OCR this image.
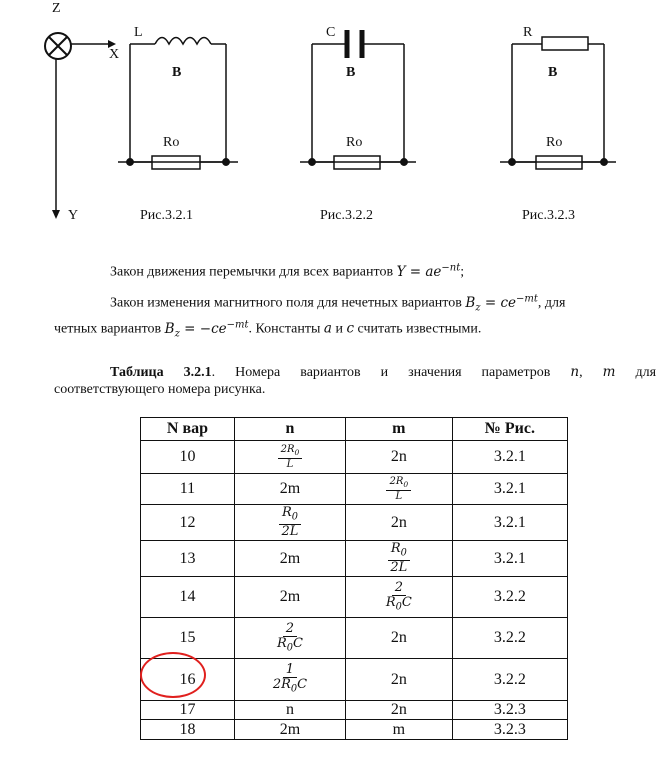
Z
X
Y
L
B
Ro
Рис.3.2.1
C
B
Ro
Рис.3.2.2
R
B
Ro
Рис.3.2.3
Закон движения перемычки для всех вариантов $Y = ae^{-nt}$;
Закон изменения магнитного поля для нечетных вариантов $B_z = ce^{-mt}$, для
четных вариантов $B_z = -ce^{-mt}$. Константы a и c считать известными.
Таблица 3.2.1. Номера вариантов и значения параметров n, m для
соответствующего номера рисунка.
N вар	n	m	№ Рис.
10	$\frac{2R_0}{L}$	2n	3.2.1
11	2m	$\frac{2R_0}{L}$	3.2.1
12	$\frac{R_0}{2L}$	2n	3.2.1
13	2m	$\frac{R_0}{2L}$	3.2.1
14	2m	$\frac{2}{R_0C}$	3.2.2
15	$\frac{2}{R_0C}$	2n	3.2.2
16	$\frac{1}{2R_0C}$	2n	3.2.2
17	n	2n	3.2.3
18	2m	m	3.2.3
